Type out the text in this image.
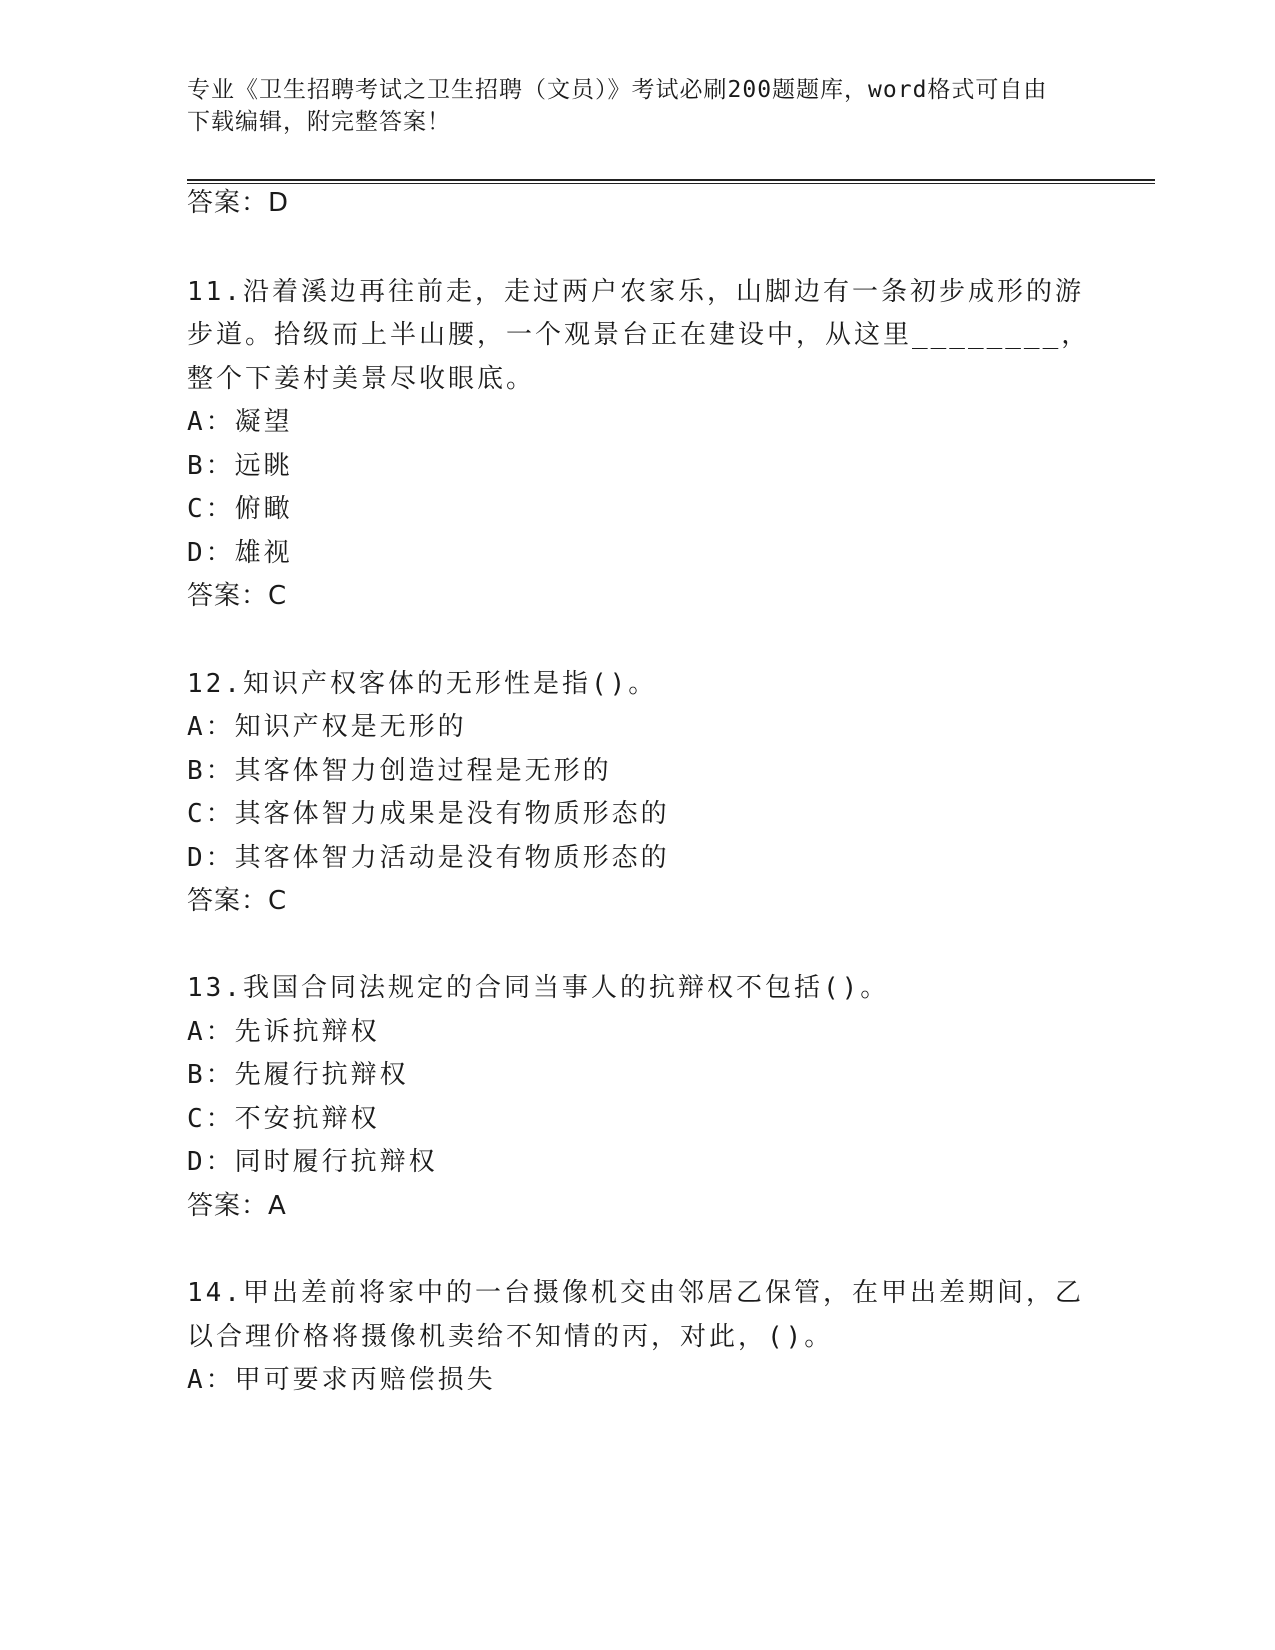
专业《卫生招聘考试之卫生招聘（文员）》考试必刷200题题库，word格式可自由下载编辑，附完整答案！
答案：D
11.沿着溪边再往前走，走过两户农家乐，山脚边有一条初步成形的游
步道。拾级而上半山腰，一个观景台正在建设中，从这里________，
整个下姜村美景尽收眼底。
A：凝望
B：远眺
C：俯瞰
D：雄视
答案：C
12.知识产权客体的无形性是指()。
A：知识产权是无形的
B：其客体智力创造过程是无形的
C：其客体智力成果是没有物质形态的
D：其客体智力活动是没有物质形态的
答案：C
13.我国合同法规定的合同当事人的抗辩权不包括()。
A：先诉抗辩权
B：先履行抗辩权
C：不安抗辩权
D：同时履行抗辩权
答案：A
14.甲出差前将家中的一台摄像机交由邻居乙保管，在甲出差期间，乙
以合理价格将摄像机卖给不知情的丙，对此，()。
A：甲可要求丙赔偿损失
